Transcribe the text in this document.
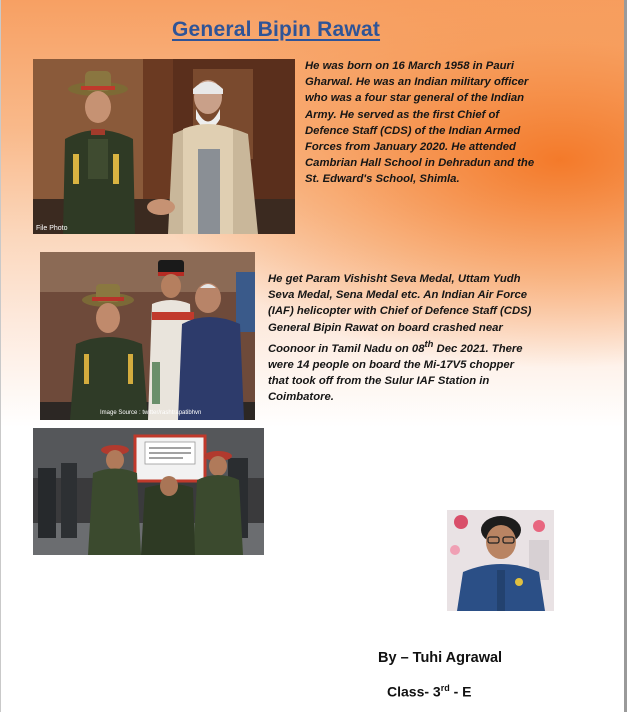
General Bipin Rawat
File Photo

He was born on 16 March 1958 in Pauri Gharwal. He was an Indian military officer who was a four star general of the Indian Army. He served as the first Chief of Defence Staff (CDS) of the Indian Armed Forces from January 2020. He attended Cambrian Hall School in Dehradun and the St. Edward's School, Shimla.

Image Source : twitter/rashtrapatibhvn

He get Param Vishisht Seva Medal, Uttam Yudh Seva Medal, Sena Medal etc. An Indian Air Force (IAF) helicopter with Chief of Defence Staff (CDS) General Bipin Rawat on board crashed near Coonoor in Tamil Nadu on 08th Dec 2021. There were 14 people on board the Mi-17V5 chopper that took off from the Sulur IAF Station in Coimbatore.

By – Tuhi Agrawal
Class- 3rd - E
